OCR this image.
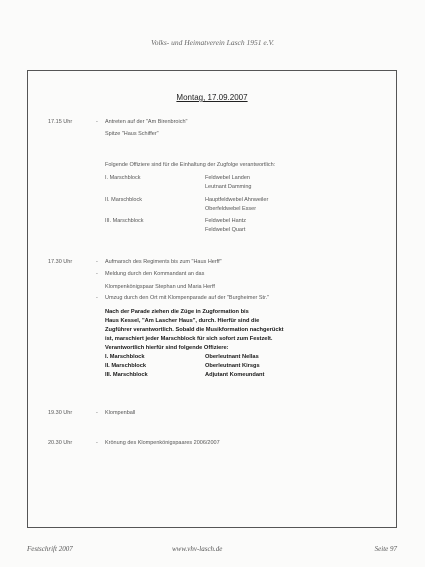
Volks- und Heimatverein Lasch 1951 e.V.
Montag, 17.09.2007
17.15 Uhr	- Antreten auf der "Am Birenbroich"
Spitze "Haus Schiffer"
Folgende Offiziere sind für die Einhaltung der Zugfolge verantwortlich:
I. Marschblock	Feldwebel Landen
Leutnant Damming
II. Marschblock	Hauptfeldwebel Ahnweiler
Oberfeldwebel Esser
III. Marschblock	Feldwebel Hantz
Feldwebel Quart
17.30 Uhr	- Aufmarsch des Regiments bis zum "Haus Herff"
- Meldung durch den Kommandant an das
Klompenkönigspaar Stephan und Maria Herff
- Umzug durch den Ort mit Klompenparade auf der "Burgheimer Str."
Nach der Parade ziehen die Züge in Zugformation bis
Haus Kessel, "Am Lascher Haus", durch. Hierfür sind die
Zugführer verantwortlich. Sobald die Musikformation nachgerückt
ist, marschiert jeder Marschblock für sich sofort zum Festzelt.
Verantwortlich hierfür sind folgende Offiziere:
I. Marschblock	Oberleutnant Nellas
II. Marschblock	Oberleutnant Kirsgs
III. Marschblock	Adjutant Komeundant
19.30 Uhr	- Klompenball
20.30 Uhr	- Krönung des Klompenkönigspaares 2006/2007
Festschrift 2007	www.vhv-lasch.de	Seite 97
